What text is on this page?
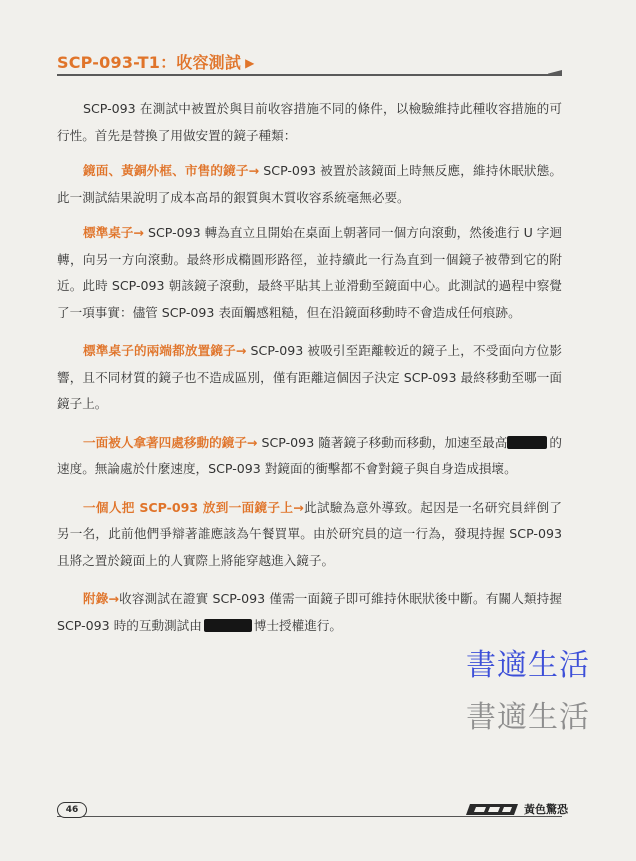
SCP-093-T1：收容測試 ▶

SCP-093 在測試中被置於與目前收容措施不同的條件，以檢驗維持此種收容措施的可行性。首先是替換了用做安置的鏡子種類：

鏡面、黃銅外框、市售的鏡子→ SCP-093 被置於該鏡面上時無反應，維持休眠狀態。此一測試結果說明了成本高昂的銀質與木質收容系統毫無必要。

標準桌子→ SCP-093 轉為直立且開始在桌面上朝著同一個方向滾動，然後進行 U 字迴轉，向另一方向滾動。最終形成橢圓形路徑，並持續此一行為直到一個鏡子被帶到它的附近。此時 SCP-093 朝該鏡子滾動，最終平貼其上並滑動至鏡面中心。此測試的過程中察覺了一項事實：儘管 SCP-093 表面觸感粗糙，但在沿鏡面移動時不會造成任何痕跡。

標準桌子的兩端都放置鏡子→ SCP-093 被吸引至距離較近的鏡子上，不受面向方位影響，且不同材質的鏡子也不造成區別，僅有距離這個因子決定 SCP-093 最終移動至哪一面鏡子上。

一面被人拿著四處移動的鏡子→ SCP-093 隨著鏡子移動而移動，加速至最高	的速度。無論處於什麼速度，SCP-093 對鏡面的衝擊都不會對鏡子與自身造成損壞。

一個人把 SCP-093 放到一面鏡子上→此試驗為意外導致。起因是一名研究員絆倒了另一名，此前他們爭辯著誰應該為午餐買單。由於研究員的這一行為，發現持握 SCP-093 且將之置於鏡面上的人實際上將能穿越進入鏡子。

附錄→收容測試在證實 SCP-093 僅需一面鏡子即可維持休眠狀後中斷。有關人類持握 SCP-093 時的互動測試由	博士授權進行。

書適生活
書適生活
46	黃色驚恐
